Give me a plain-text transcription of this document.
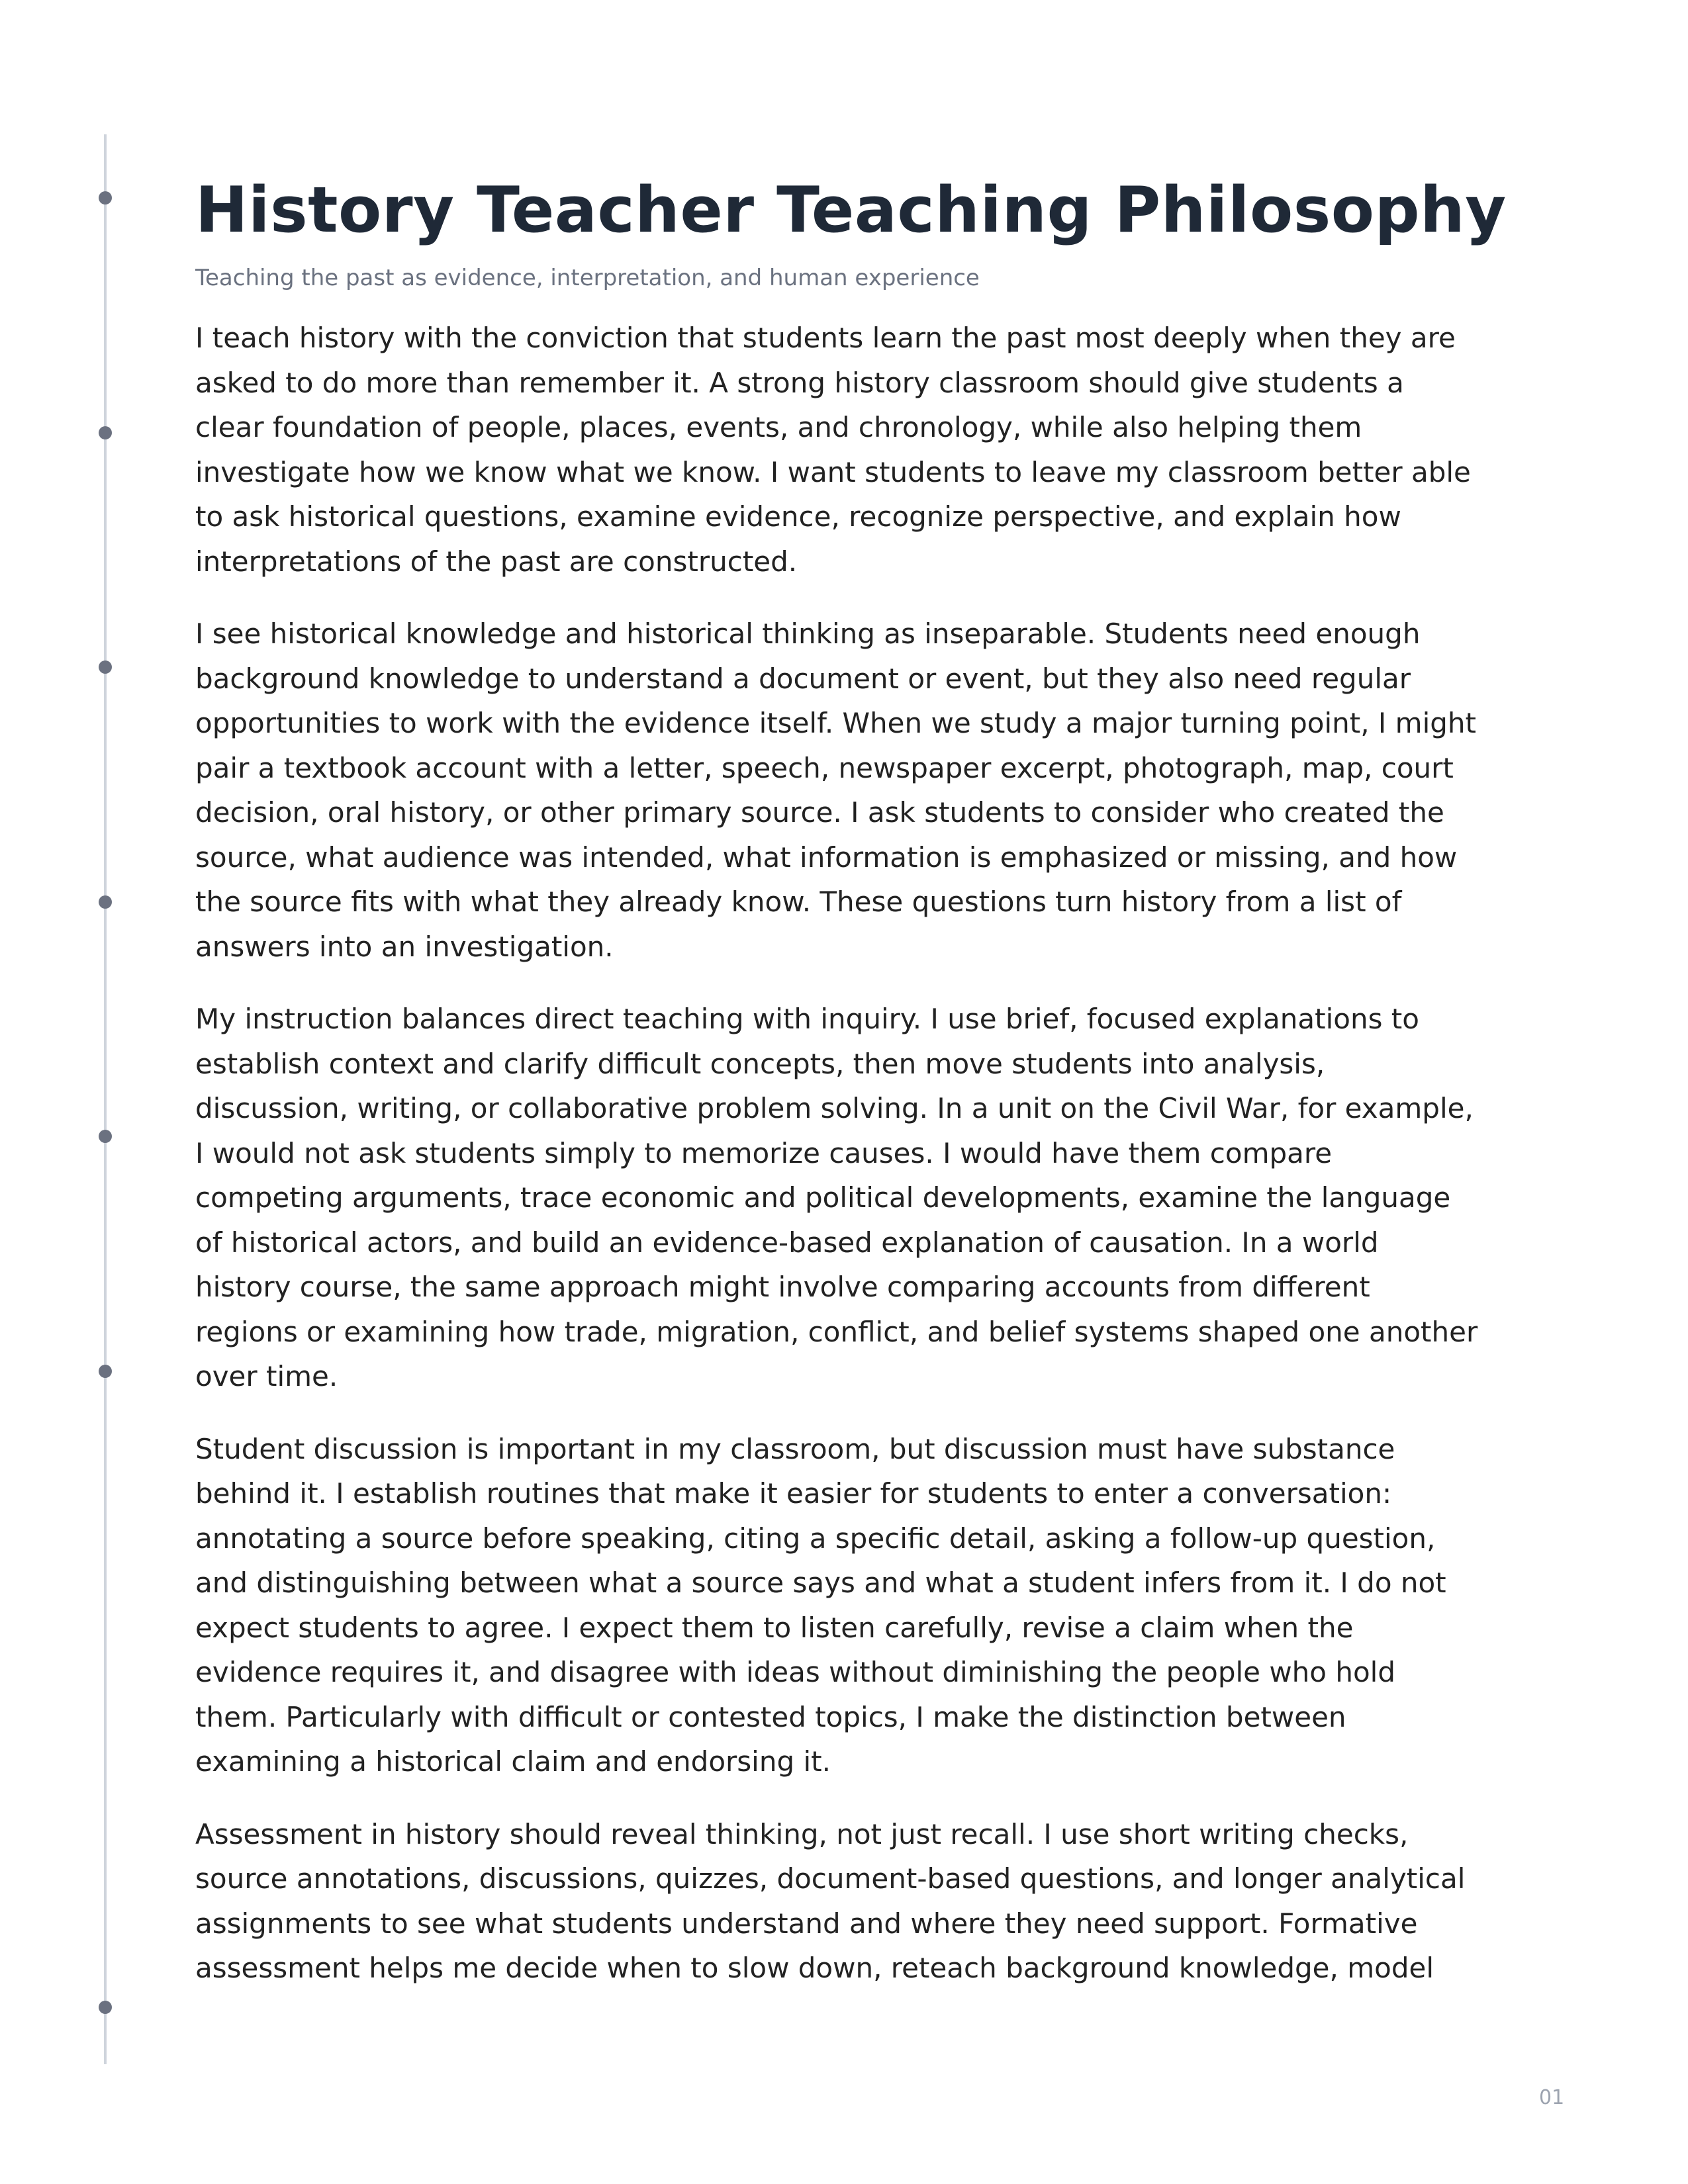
History Teacher Teaching Philosophy

Teaching the past as evidence, interpretation, and human experience

I teach history with the conviction that students learn the past most deeply when they are
asked to do more than remember it. A strong history classroom should give students a
clear foundation of people, places, events, and chronology, while also helping them
investigate how we know what we know. I want students to leave my classroom better able
to ask historical questions, examine evidence, recognize perspective, and explain how
interpretations of the past are constructed.

I see historical knowledge and historical thinking as inseparable. Students need enough
background knowledge to understand a document or event, but they also need regular
opportunities to work with the evidence itself. When we study a major turning point, I might
pair a textbook account with a letter, speech, newspaper excerpt, photograph, map, court
decision, oral history, or other primary source. I ask students to consider who created the
source, what audience was intended, what information is emphasized or missing, and how
the source fits with what they already know. These questions turn history from a list of
answers into an investigation.

My instruction balances direct teaching with inquiry. I use brief, focused explanations to
establish context and clarify difficult concepts, then move students into analysis,
discussion, writing, or collaborative problem solving. In a unit on the Civil War, for example,
I would not ask students simply to memorize causes. I would have them compare
competing arguments, trace economic and political developments, examine the language
of historical actors, and build an evidence-based explanation of causation. In a world
history course, the same approach might involve comparing accounts from different
regions or examining how trade, migration, conflict, and belief systems shaped one another
over time.

Student discussion is important in my classroom, but discussion must have substance
behind it. I establish routines that make it easier for students to enter a conversation:
annotating a source before speaking, citing a specific detail, asking a follow-up question,
and distinguishing between what a source says and what a student infers from it. I do not
expect students to agree. I expect them to listen carefully, revise a claim when the
evidence requires it, and disagree with ideas without diminishing the people who hold
them. Particularly with difficult or contested topics, I make the distinction between
examining a historical claim and endorsing it.

Assessment in history should reveal thinking, not just recall. I use short writing checks,
source annotations, discussions, quizzes, document-based questions, and longer analytical
assignments to see what students understand and where they need support. Formative
assessment helps me decide when to slow down, reteach background knowledge, model

01
